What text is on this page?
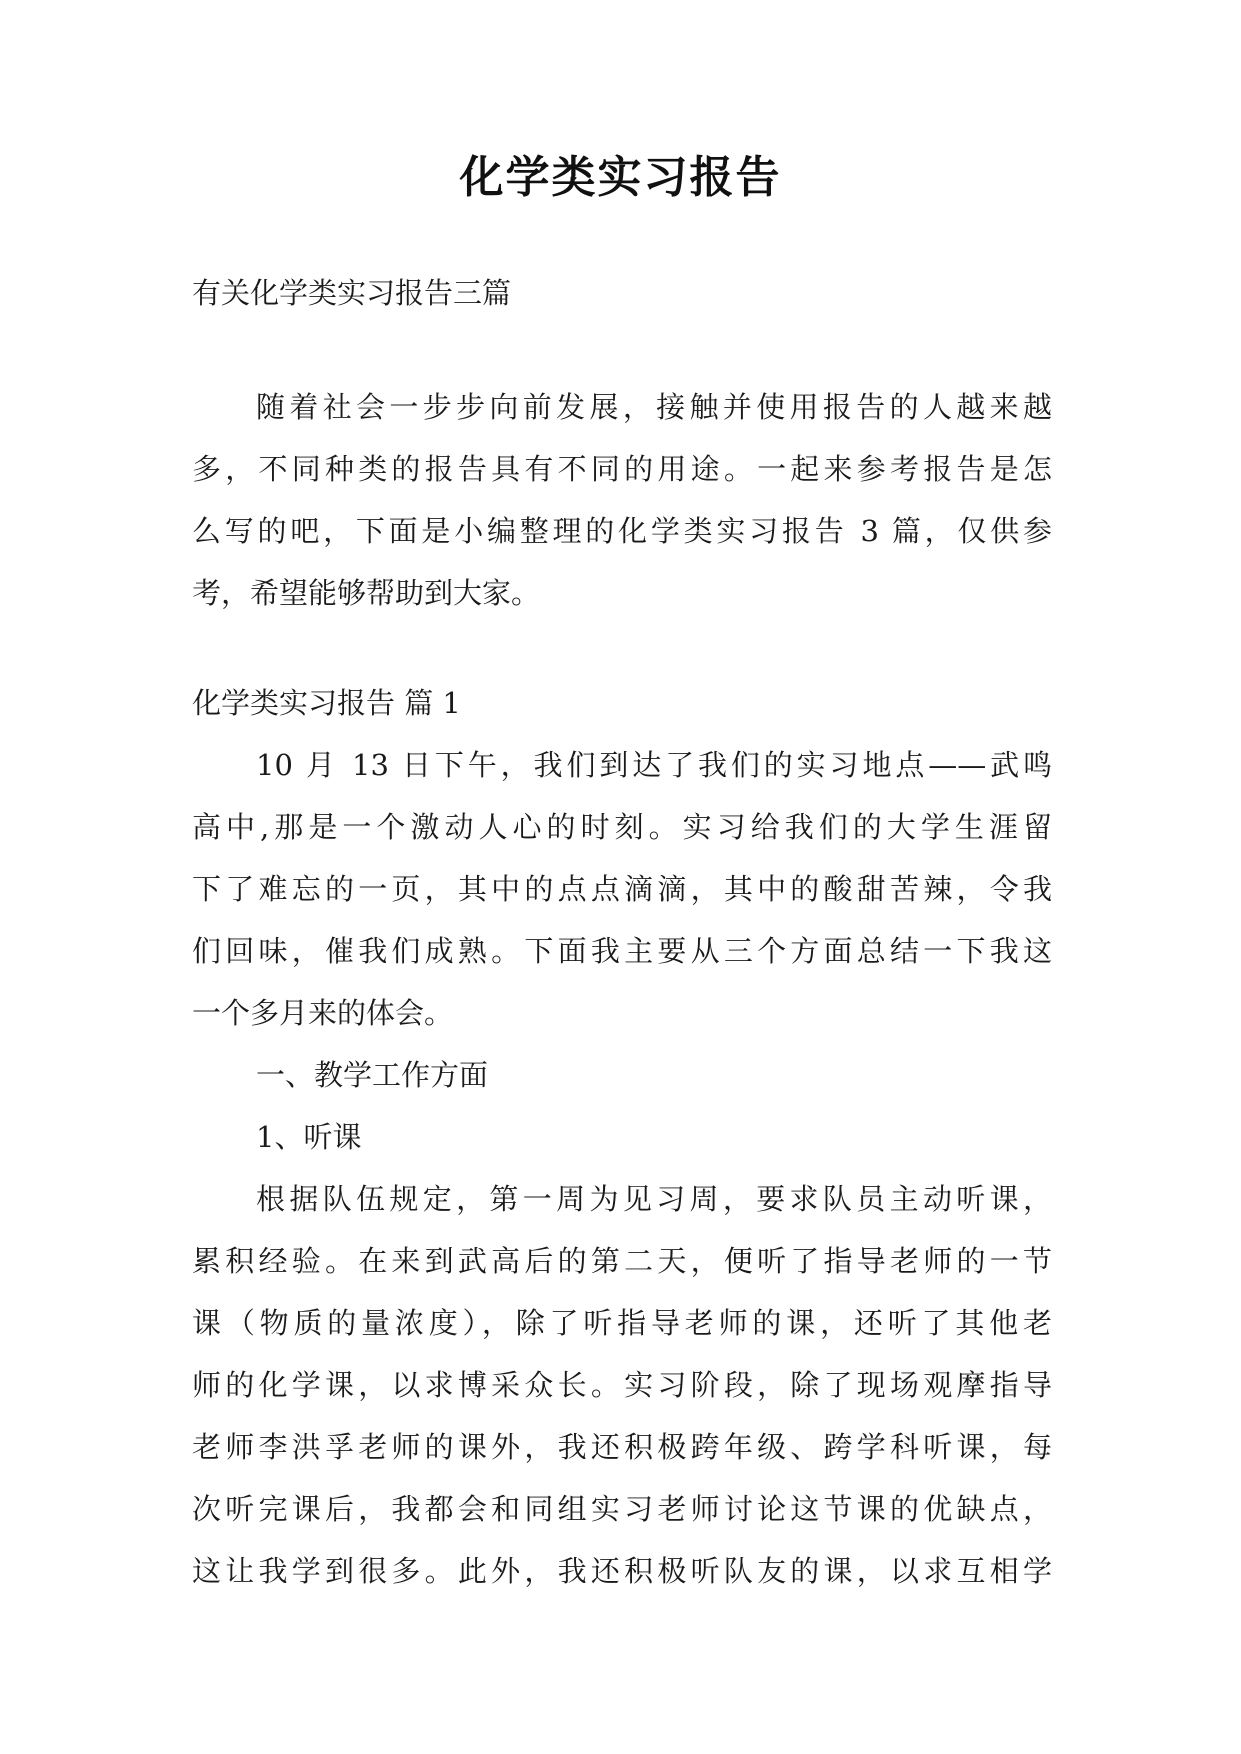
化学类实习报告
有关化学类实习报告三篇
随着社会一步步向前发展，接触并使用报告的人越来越
多，不同种类的报告具有不同的用途。一起来参考报告是怎
么写的吧，下面是小编整理的化学类实习报告 3 篇，仅供参
考，希望能够帮助到大家。
化学类实习报告 篇 1
10 月 13 日下午，我们到达了我们的实习地点——武鸣
高中,那是一个激动人心的时刻。实习给我们的大学生涯留
下了难忘的一页，其中的点点滴滴，其中的酸甜苦辣，令我
们回味，催我们成熟。下面我主要从三个方面总结一下我这
一个多月来的体会。
一、教学工作方面
1、听课
根据队伍规定，第一周为见习周，要求队员主动听课，
累积经验。在来到武高后的第二天，便听了指导老师的一节
课（物质的量浓度），除了听指导老师的课，还听了其他老
师的化学课，以求博采众长。实习阶段，除了现场观摩指导
老师李洪孚老师的课外，我还积极跨年级、跨学科听课，每
次听完课后，我都会和同组实习老师讨论这节课的优缺点，
这让我学到很多。此外，我还积极听队友的课，以求互相学
